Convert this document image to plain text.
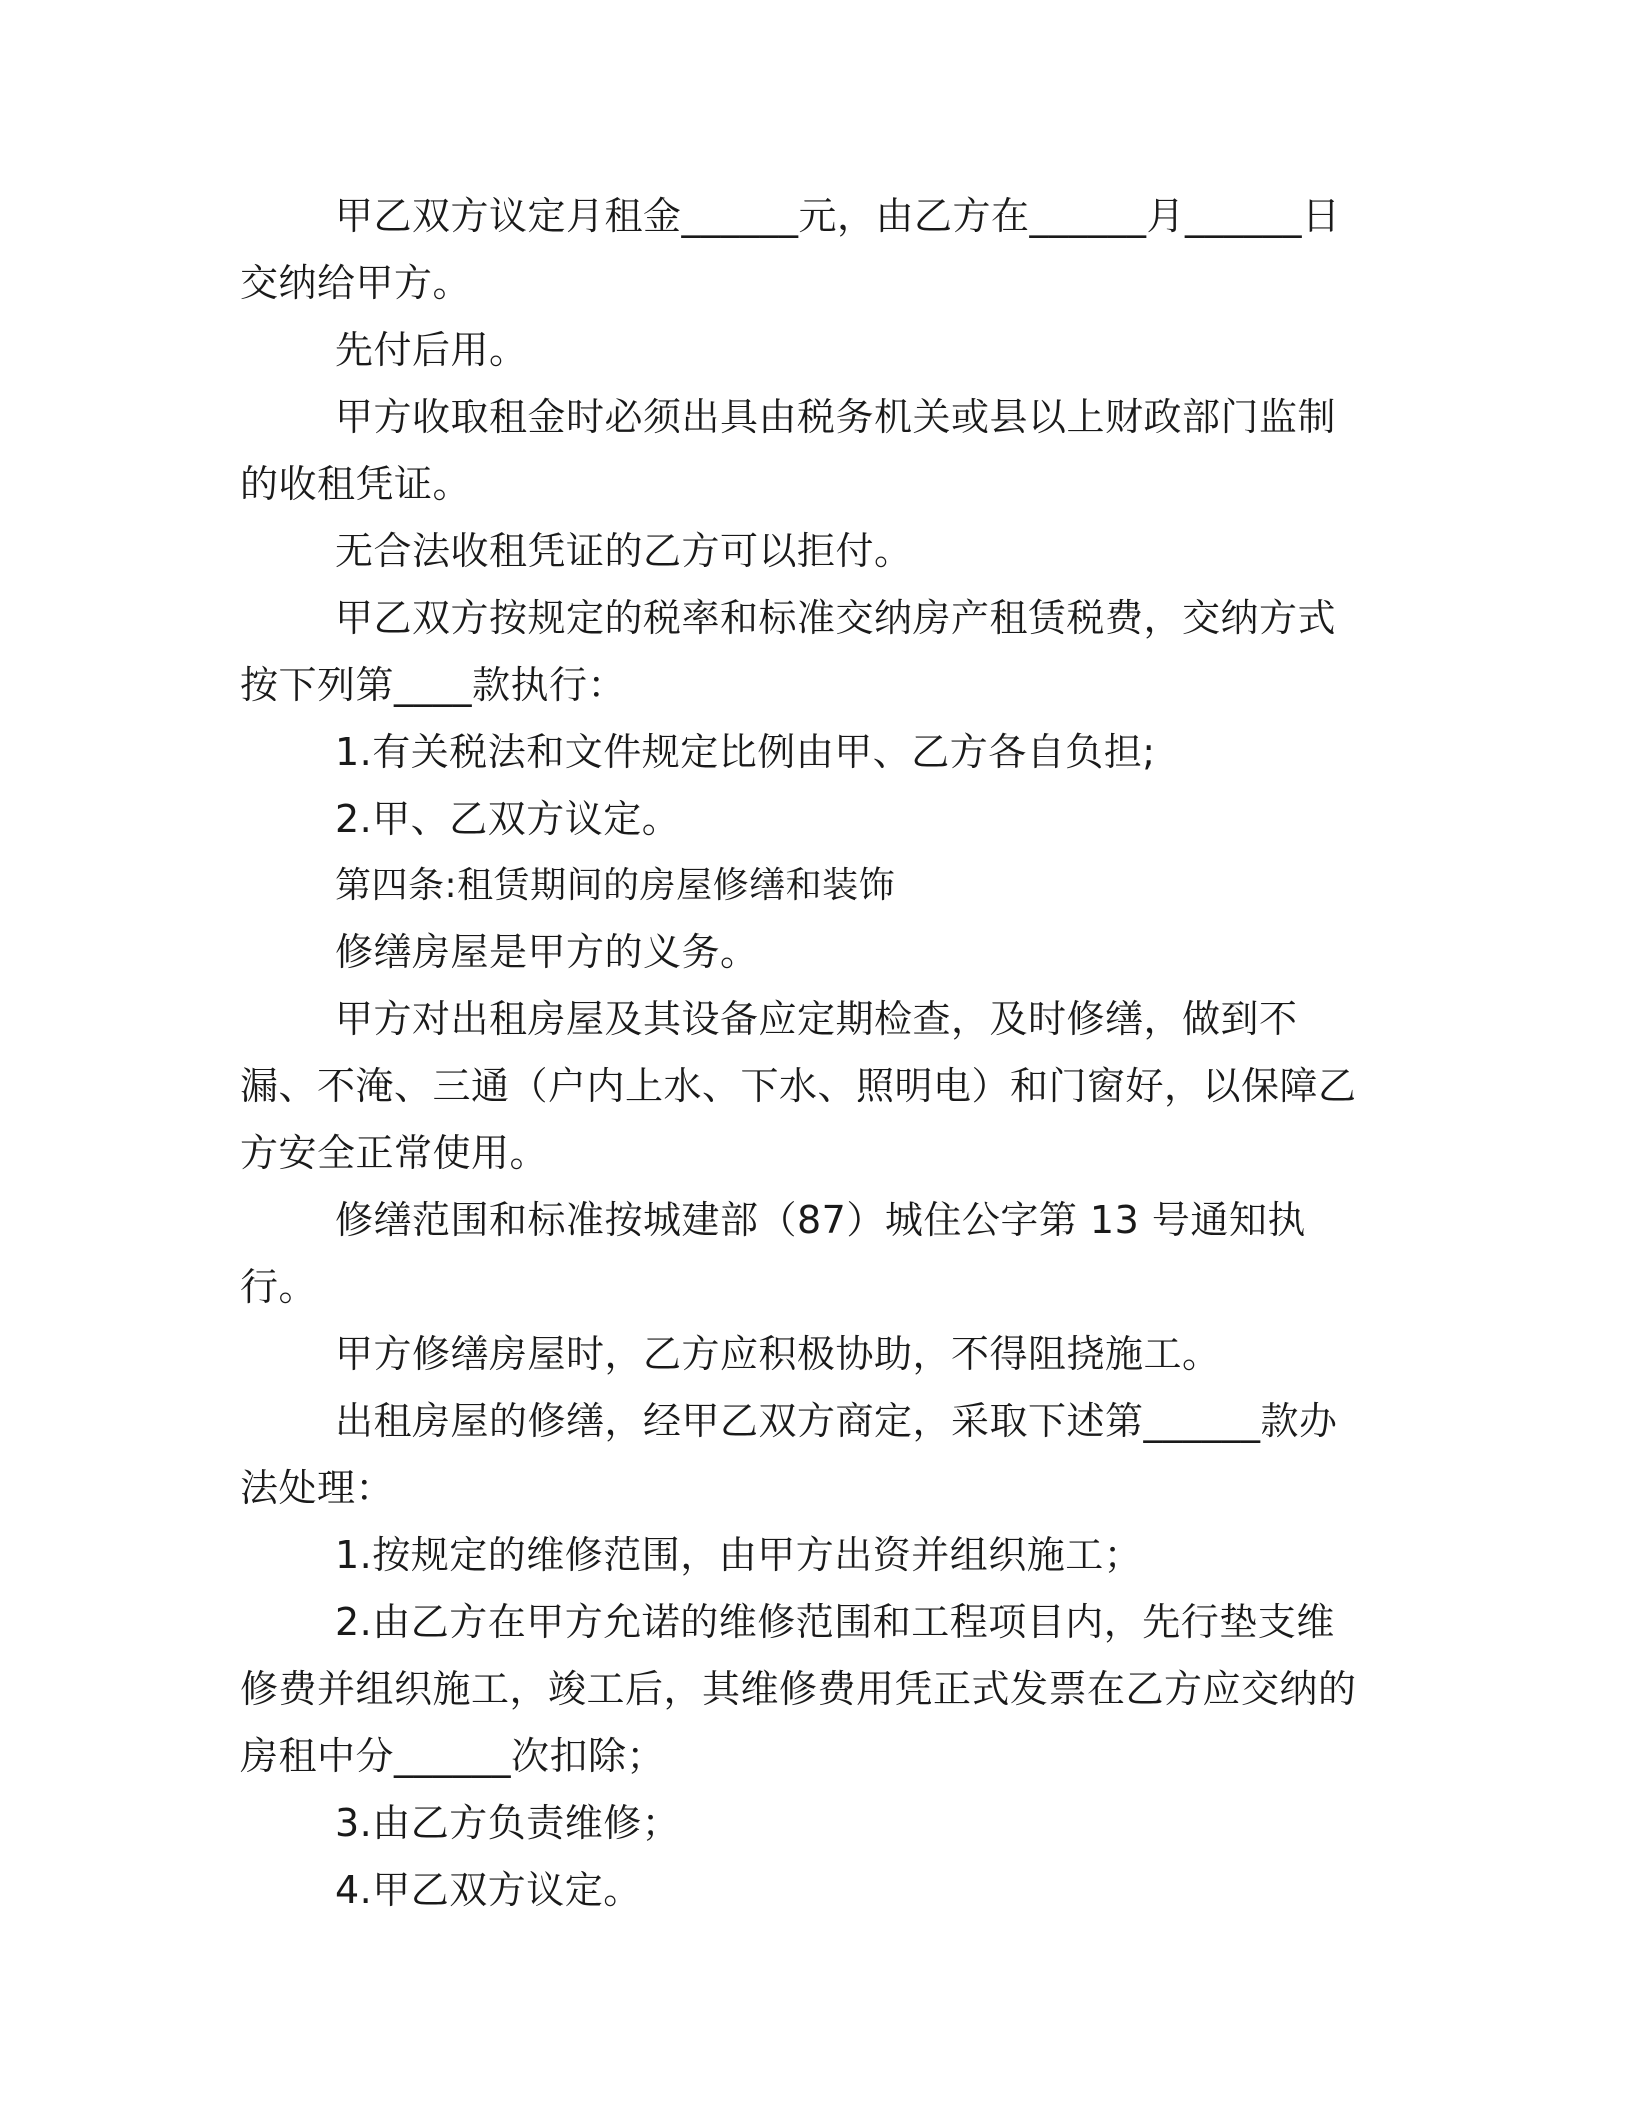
甲乙双方议定月租金______元，由乙方在______月______日交纳给甲方。

先付后用。

甲方收取租金时必须出具由税务机关或县以上财政部门监制的收租凭证。

无合法收租凭证的乙方可以拒付。

甲乙双方按规定的税率和标准交纳房产租赁税费，交纳方式按下列第____款执行：

1.有关税法和文件规定比例由甲、乙方各自负担;

2.甲、乙双方议定。

第四条:租赁期间的房屋修缮和装饰

修缮房屋是甲方的义务。

甲方对出租房屋及其设备应定期检查，及时修缮，做到不漏、不淹、三通（户内上水、下水、照明电）和门窗好，以保障乙方安全正常使用。

修缮范围和标准按城建部（87）城住公字第 13 号通知执行。

甲方修缮房屋时，乙方应积极协助，不得阻挠施工。

出租房屋的修缮，经甲乙双方商定，采取下述第______款办法处理：

1.按规定的维修范围，由甲方出资并组织施工；

2.由乙方在甲方允诺的维修范围和工程项目内，先行垫支维修费并组织施工，竣工后，其维修费用凭正式发票在乙方应交纳的房租中分______次扣除；

3.由乙方负责维修；

4.甲乙双方议定。
